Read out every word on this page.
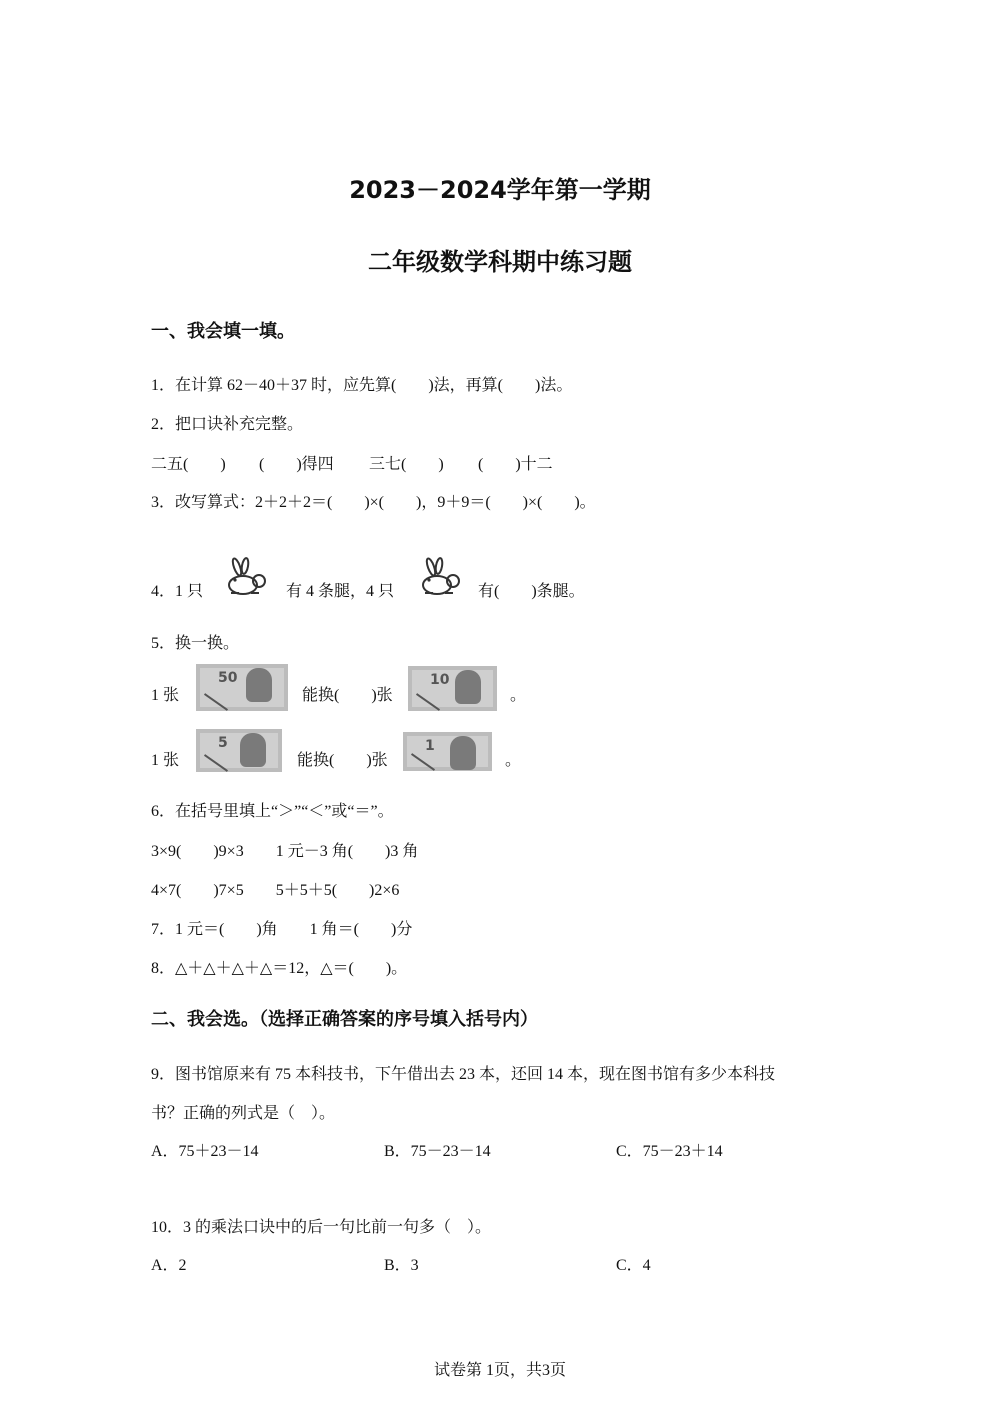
2023－2024学年第一学期
二年级数学科期中练习题
一、我会填一填。
1．在计算 62－40＋37 时，应先算(　　)法，再算(　　)法。
2．把口诀补充完整。
二五(　　) (　　)得四 三七(　　) (　　)十二
3．改写算式：2＋2＋2＝(　　)×(　　)，9＋9＝(　　)×(　　)。
4．1 只	有 4 条腿，4 只	有(　　)条腿。
5．换一换。
1 张
50
能换(　　)张
10
。
1 张
5
能换(　　)张
1
。
6．在括号里填上“＞”“＜”或“＝”。
3×9(　　)9×3　　1 元－3 角(　　)3 角
4×7(　　)7×5　　5＋5＋5(　　)2×6
7．1 元＝(　　)角　　1 角＝(　　)分
8．△＋△＋△＋△＝12，△＝(　　)。
二、我会选。（选择正确答案的序号填入括号内）
9．图书馆原来有 75 本科技书，下午借出去 23 本，还回 14 本，现在图书馆有多少本科技
书？正确的列式是（　）。
A．75＋23－14	B．75－23－14	C．75－23＋14
10．3 的乘法口诀中的后一句比前一句多（　）。
A．2	B．3	C．4
试卷第 1页，共3页
